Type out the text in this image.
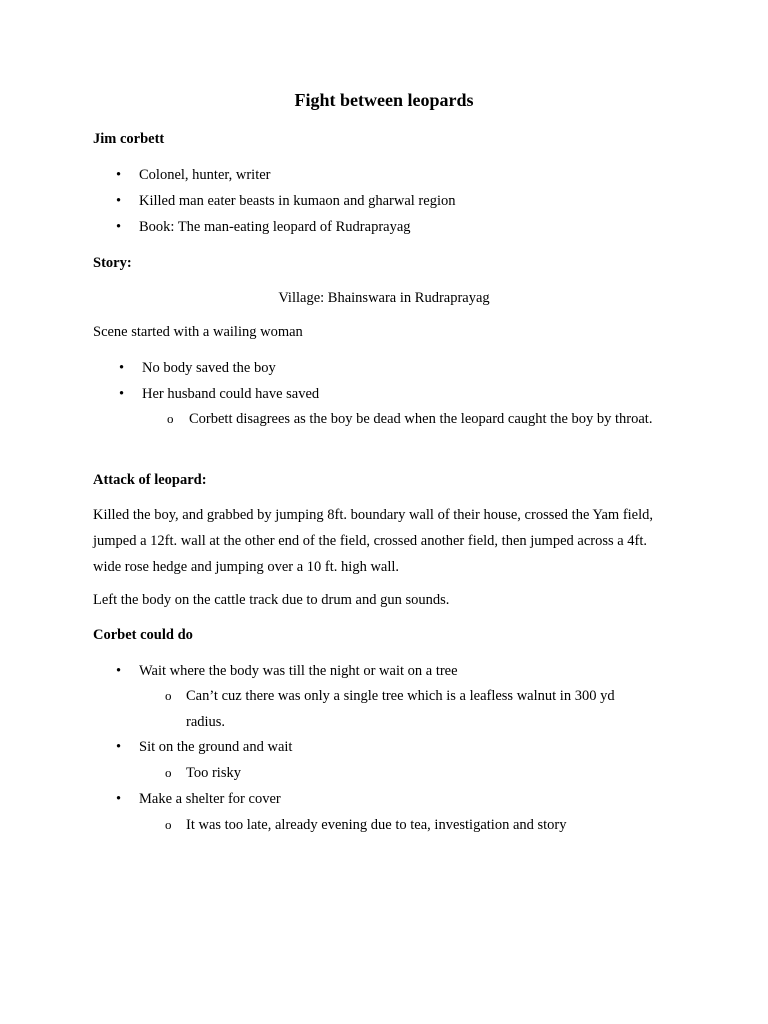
Fight between leopards
Jim corbett
•	Colonel, hunter, writer
•	Killed man eater beasts in kumaon and gharwal region
•	Book: The man-eating leopard of Rudraprayag
Story:
Village: Bhainswara in Rudraprayag
Scene started with a wailing woman
•	No body saved the boy
•	Her husband could have saved
o	Corbett disagrees as the boy be dead when the leopard caught the boy by throat.
Attack of leopard:
Killed the boy, and grabbed by jumping 8ft. boundary wall of their house, crossed the Yam field, jumped a 12ft. wall at the other end of the field, crossed another field, then jumped across a 4ft. wide rose hedge and jumping over a 10 ft. high wall.
Left the body on the cattle track due to drum and gun sounds.
Corbet could do
•	Wait where the body was till the night or wait on a tree
o	Can’t cuz there was only a single tree which is a leafless walnut in 300 yd radius.
•	Sit on the ground and wait
o	Too risky
•	Make a shelter for cover
o	It was too late, already evening due to tea, investigation and story
